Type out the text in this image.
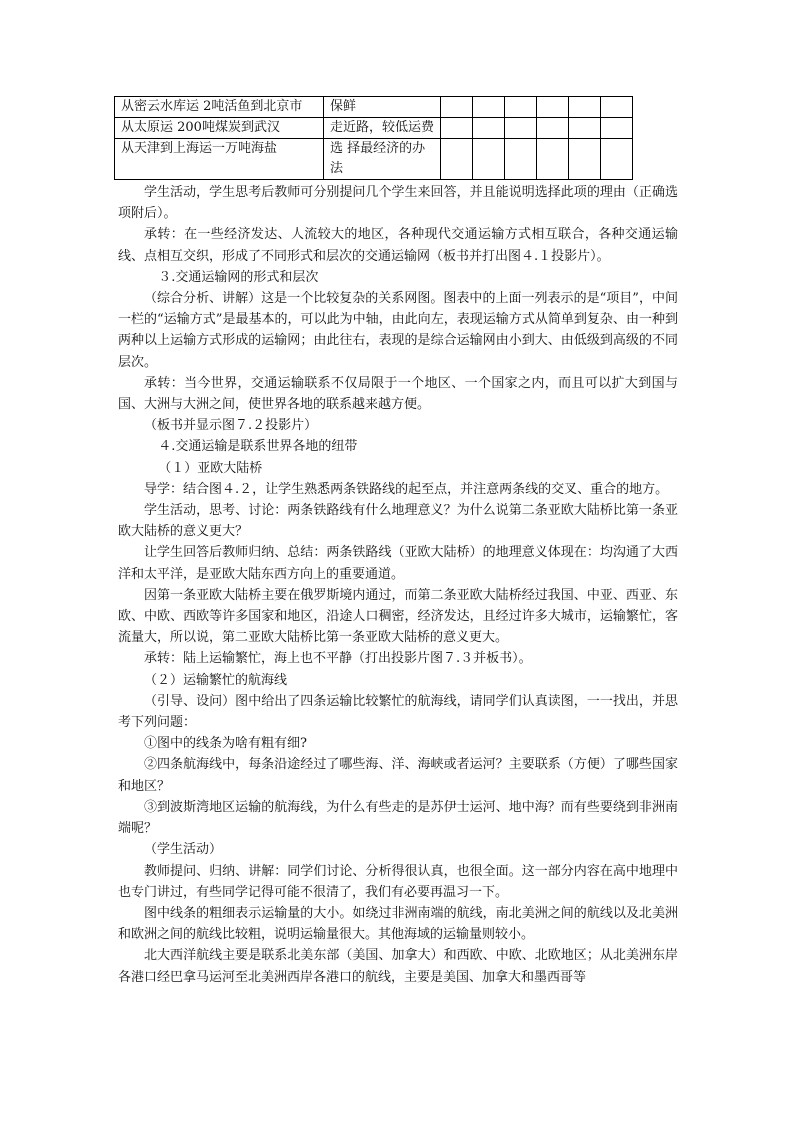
从密云水库运 2吨活鱼到北京市	保鲜						
从太原运 200吨煤炭到武汉	走近路，较低运费						
从天津到上海运一万吨海盐	选 择最经济的办法						

学生活动，学生思考后教师可分别提问几个学生来回答，并且能说明选择此项的理由（正确选项附后）。

承转：在一些经济发达、人流较大的地区，各种现代交通运输方式相互联合，各种交通运输线、点相互交织，形成了不同形式和层次的交通运输网（板书并打出图４.１投影片）。

３.交通运输网的形式和层次

（综合分析、讲解）这是一个比较复杂的关系网图。图表中的上面一列表示的是“项目”，中间一栏的“运输方式”是最基本的，可以此为中轴，由此向左，表现运输方式从简单到复杂、由一种到两种以上运输方式形成的运输网；由此往右，表现的是综合运输网由小到大、由低级到高级的不同层次。

承转：当今世界，交通运输联系不仅局限于一个地区、一个国家之内，而且可以扩大到国与国、大洲与大洲之间，使世界各地的联系越来越方便。

（板书并显示图７.２投影片）

４.交通运输是联系世界各地的纽带

（１）亚欧大陆桥

导学：结合图４.２，让学生熟悉两条铁路线的起至点，并注意两条线的交叉、重合的地方。

学生活动，思考、讨论：两条铁路线有什么地理意义？为什么说第二条亚欧大陆桥比第一条亚欧大陆桥的意义更大？

让学生回答后教师归纳、总结：两条铁路线（亚欧大陆桥）的地理意义体现在：均沟通了大西洋和太平洋，是亚欧大陆东西方向上的重要通道。

因第一条亚欧大陆桥主要在俄罗斯境内通过，而第二条亚欧大陆桥经过我国、中亚、西亚、东欧、中欧、西欧等许多国家和地区，沿途人口稠密，经济发达，且经过许多大城市，运输繁忙，客流量大，所以说，第二亚欧大陆桥比第一条亚欧大陆桥的意义更大。

承转：陆上运输繁忙，海上也不平静（打出投影片图７.３并板书）。

（２）运输繁忙的航海线

（引导、设问）图中给出了四条运输比较繁忙的航海线，请同学们认真读图，一一找出，并思考下列问题：

①图中的线条为啥有粗有细?

②四条航海线中，每条沿途经过了哪些海、洋、海峡或者运河？主要联系（方便）了哪些国家和地区？

③到波斯湾地区运输的航海线，为什么有些走的是苏伊士运河、地中海？而有些要绕到非洲南端呢？

（学生活动）

教师提问、归纳、讲解：同学们讨论、分析得很认真，也很全面。这一部分内容在高中地理中也专门讲过，有些同学记得可能不很清了，我们有必要再温习一下。

图中线条的粗细表示运输量的大小。如绕过非洲南端的航线，南北美洲之间的航线以及北美洲和欧洲之间的航线比较粗，说明运输量很大。其他海域的运输量则较小。

北大西洋航线主要是联系北美东部（美国、加拿大）和西欧、中欧、北欧地区；从北美洲东岸各港口经巴拿马运河至北美洲西岸各港口的航线，主要是美国、加拿大和墨西哥等
